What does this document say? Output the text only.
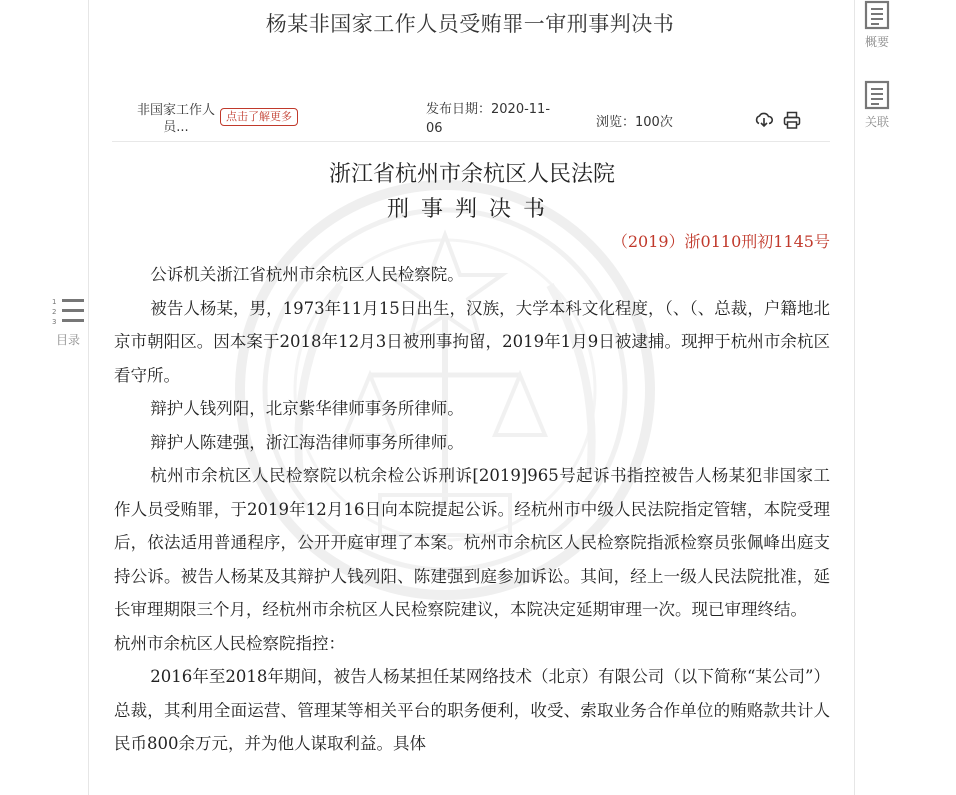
杨某非国家工作人员受贿罪一审刑事判决书
非国家工作人员...
点击了解更多	发布日期：2020-11-06	浏览：100次
浙江省杭州市余杭区人民法院
刑事判决书
（2019）浙0110刑初1145号

公诉机关浙江省杭州市余杭区人民检察院。

被告人杨某，男，1973年11月15日出生，汉族，大学本科文化程度，（、（、总裁，户籍地北京市朝阳区。因本案于2018年12月3日被刑事拘留，2019年1月9日被逮捕。现押于杭州市余杭区看守所。

辩护人钱列阳，北京紫华律师事务所律师。

辩护人陈建强，浙江海浩律师事务所律师。

杭州市余杭区人民检察院以杭余检公诉刑诉[2019]965号起诉书指控被告人杨某犯非国家工作人员受贿罪，于2019年12月16日向本院提起公诉。经杭州市中级人民法院指定管辖，本院受理后，依法适用普通程序，公开开庭审理了本案。杭州市余杭区人民检察院指派检察员张佩峰出庭支持公诉。被告人杨某及其辩护人钱列阳、陈建强到庭参加诉讼。其间，经上一级人民法院批准，延长审理期限三个月，经杭州市余杭区人民检察院建议，本院决定延期审理一次。现已审理终结。

杭州市余杭区人民检察院指控：

2016年至2018年期间，被告人杨某担任某网络技术（北京）有限公司（以下简称“某公司”）总裁，其利用全面运营、管理某等相关平台的职务便利，收受、索取业务合作单位的贿赂款共计人民币800余万元，并为他人谋取利益。具体

概要
关联
1
2
3
目录
